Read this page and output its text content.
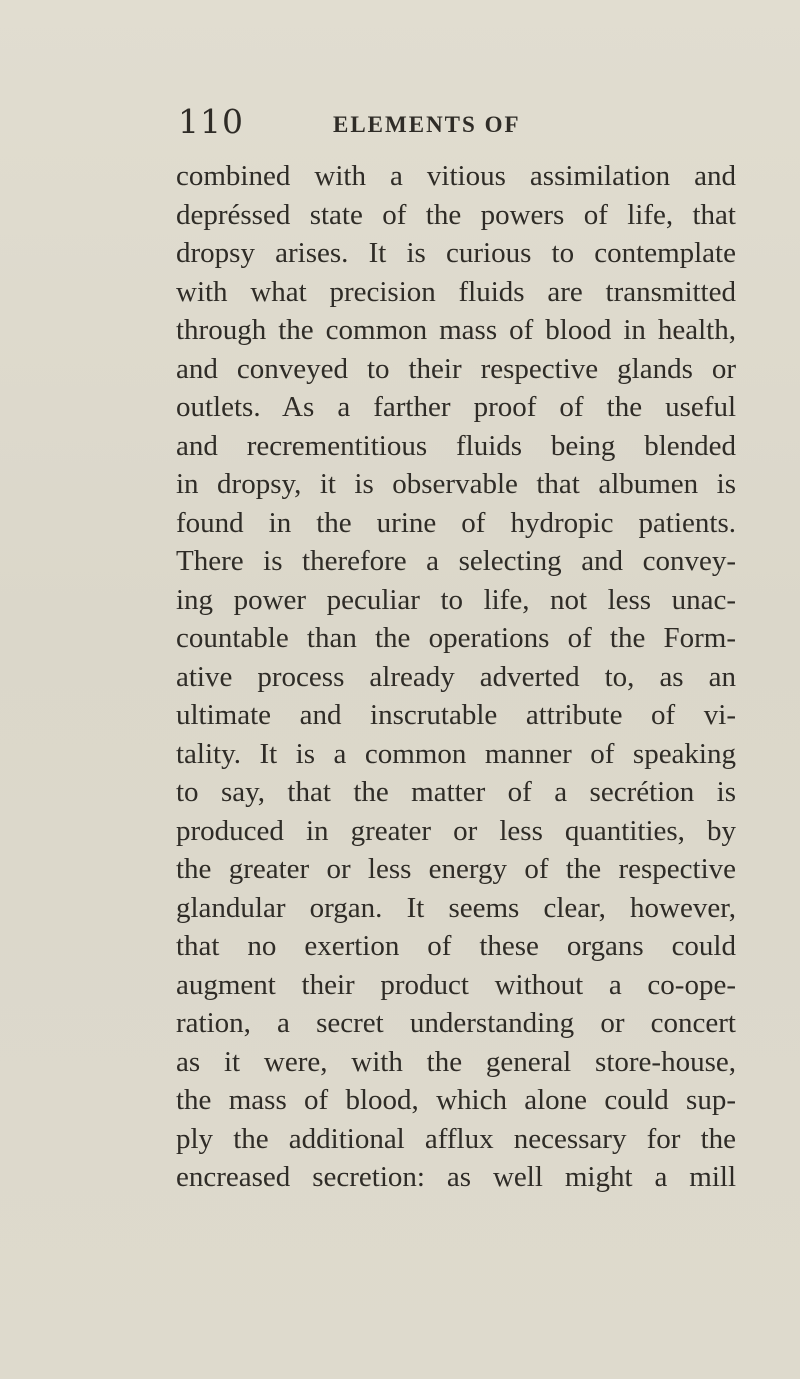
110	ELEMENTS OF
combined with a vitious assimilation and
depréssed state of the powers of life, that
dropsy arises. It is curious to contemplate
with what precision fluids are transmitted
through the common mass of blood in health,
and conveyed to their respective glands or
outlets. As a farther proof of the useful
and recrementitious fluids being blended
in dropsy, it is observable that albumen is
found in the urine of hydropic patients.
There is therefore a selecting and convey-
ing power peculiar to life, not less unac-
countable than the operations of the Form-
ative process already adverted to, as an
ultimate and inscrutable attribute of vi-
tality. It is a common manner of speaking
to say, that the matter of a secrétion is
produced in greater or less quantities, by
the greater or less energy of the respective
glandular organ. It seems clear, however,
that no exertion of these organs could
augment their product without a co-ope-
ration, a secret understanding or concert
as it were, with the general store-house,
the mass of blood, which alone could sup-
ply the additional afflux necessary for the
encreased secretion: as well might a mill
